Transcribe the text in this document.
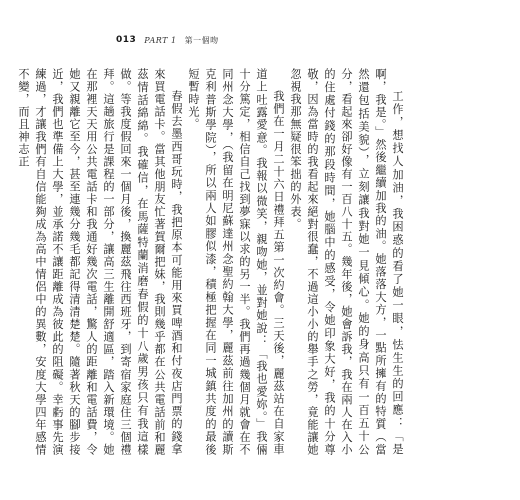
013 PART 1 第一個吻

工作，想找人加油，我困惑的看了她一眼，怯生生的回應：「是啊，我是。」然後繼續加我的油。她落落大方，一點所擁有的特質（當然還包括美貌），立刻讓我對她一見傾心。她的身高只有一百五十公分，看起來卻好像有一百八十五。幾年後，她會訴我，我在兩人在入小的住處付錢的那段時間，她腦中的感受，令她印象大好，我的十分尊敬，因為當時的我看起來絕對很蠢，不過這小小的舉手之勞，竟能讓她忽視我那無疑很笨拙的外表。

我們在一月二十六日禮拜五第一次約會。三天後，麗茲站在自家車道上吐露愛意。我報以微笑，親吻她，並對她說：「我也愛妳。」我倆十分篤定，相信自己找到夢寐以求的另一半。我們再過幾個月就會在不同州念大學，（我留在明尼蘇達州念聖約翰大學，麗茲前往加州的讀斯克利普斯學院），所以兩人如膠似漆，積極把握在同一城鎮共度的最後短暫時光。

春假去墨西哥玩時，我把原本可能用來買啤酒和付夜店門票的錢拿來買電話卡。當其他朋友忙著賀爾把妹，我則幾乎都在公共電話前和麗茲情話綿綿。我確信，在馬薩特蘭消磨春假的十八歲男孩只有我這樣做。等我度假回來一個月後，換麗茲飛往西班牙，到寄宿家庭住三個禮拜。這趟旅行是課程的一部分，讓高三生離開舒適區，踏入新環境。她在那裡天天用公共電話卡和我通好幾次電話，驚人的距離和電話費，令她又親離它至今，甚至連幾分幾毛都記得清清楚楚。隨著秋天的腳步接近，我們也準備上大學，並承諾不讓距離成為彼此的阻礙。幸虧事先演練過，才讓我們有自信能夠成為高中情侶中的異數，安度大學四年感情不變，而且神志正
